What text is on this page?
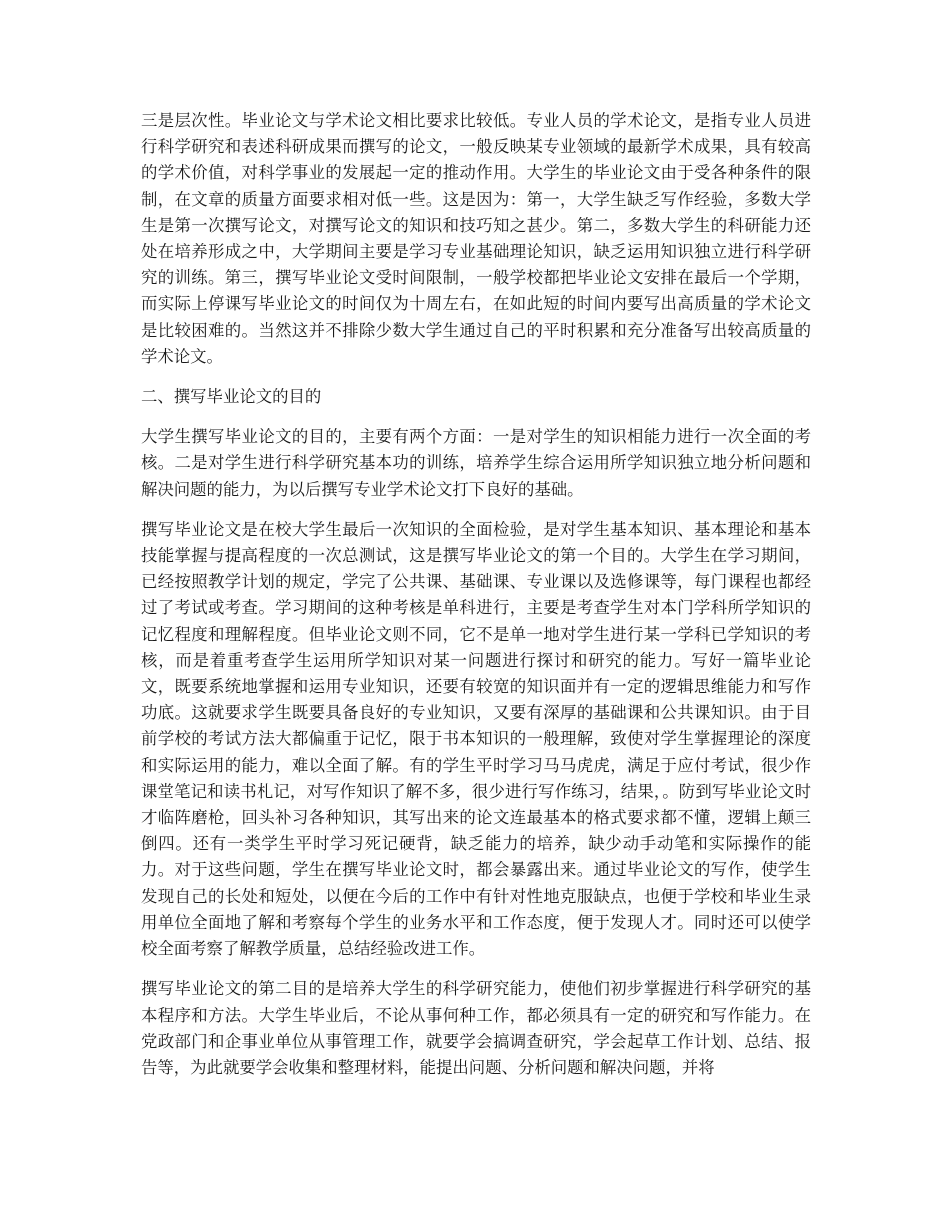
三是层次性。毕业论文与学术论文相比要求比较低。专业人员的学术论文，是指专业人员进行科学研究和表述科研成果而撰写的论文，一般反映某专业领域的最新学术成果，具有较高的学术价值，对科学事业的发展起一定的推动作用。大学生的毕业论文由于受各种条件的限制，在文章的质量方面要求相对低一些。这是因为：第一，大学生缺乏写作经验，多数大学生是第一次撰写论文，对撰写论文的知识和技巧知之甚少。第二，多数大学生的科研能力还处在培养形成之中，大学期间主要是学习专业基础理论知识，缺乏运用知识独立进行科学研究的训练。第三，撰写毕业论文受时间限制，一般学校都把毕业论文安排在最后一个学期，而实际上停课写毕业论文的时间仅为十周左右，在如此短的时间内要写出高质量的学术论文是比较困难的。当然这并不排除少数大学生通过自己的平时积累和充分准备写出较高质量的学术论文。

二、撰写毕业论文的目的

大学生撰写毕业论文的目的，主要有两个方面：一是对学生的知识相能力进行一次全面的考核。二是对学生进行科学研究基本功的训练，培养学生综合运用所学知识独立地分析问题和解决问题的能力，为以后撰写专业学术论文打下良好的基础。

撰写毕业论文是在校大学生最后一次知识的全面检验，是对学生基本知识、基本理论和基本技能掌握与提高程度的一次总测试，这是撰写毕业论文的第一个目的。大学生在学习期间，已经按照教学计划的规定，学完了公共课、基础课、专业课以及选修课等，每门课程也都经过了考试或考查。学习期间的这种考核是单科进行，主要是考查学生对本门学科所学知识的记忆程度和理解程度。但毕业论文则不同，它不是单一地对学生进行某一学科已学知识的考核，而是着重考查学生运用所学知识对某一问题进行探讨和研究的能力。写好一篇毕业论文，既要系统地掌握和运用专业知识，还要有较宽的知识面并有一定的逻辑思维能力和写作功底。这就要求学生既要具备良好的专业知识，又要有深厚的基础课和公共课知识。由于目前学校的考试方法大都偏重于记忆，限于书本知识的一般理解，致使对学生掌握理论的深度和实际运用的能力，难以全面了解。有的学生平时学习马马虎虎，满足于应付考试，很少作课堂笔记和读书札记，对写作知识了解不多，很少进行写作练习，结果，。防到写毕业论文时才临阵磨枪，回头补习各种知识，其写出来的论文连最基本的格式要求都不懂，逻辑上颠三倒四。还有一类学生平时学习死记硬背，缺乏能力的培养，缺少动手动笔和实际操作的能力。对于这些问题，学生在撰写毕业论文时，都会暴露出来。通过毕业论文的写作，使学生发现自己的长处和短处，以便在今后的工作中有针对性地克服缺点，也便于学校和毕业生录用单位全面地了解和考察每个学生的业务水平和工作态度，便于发现人才。同时还可以使学校全面考察了解教学质量，总结经验改进工作。

撰写毕业论文的第二目的是培养大学生的科学研究能力，使他们初步掌握进行科学研究的基本程序和方法。大学生毕业后，不论从事何种工作，都必须具有一定的研究和写作能力。在党政部门和企事业单位从事管理工作，就要学会搞调查研究，学会起草工作计划、总结、报告等，为此就要学会收集和整理材料，能提出问题、分析问题和解决问题，并将
